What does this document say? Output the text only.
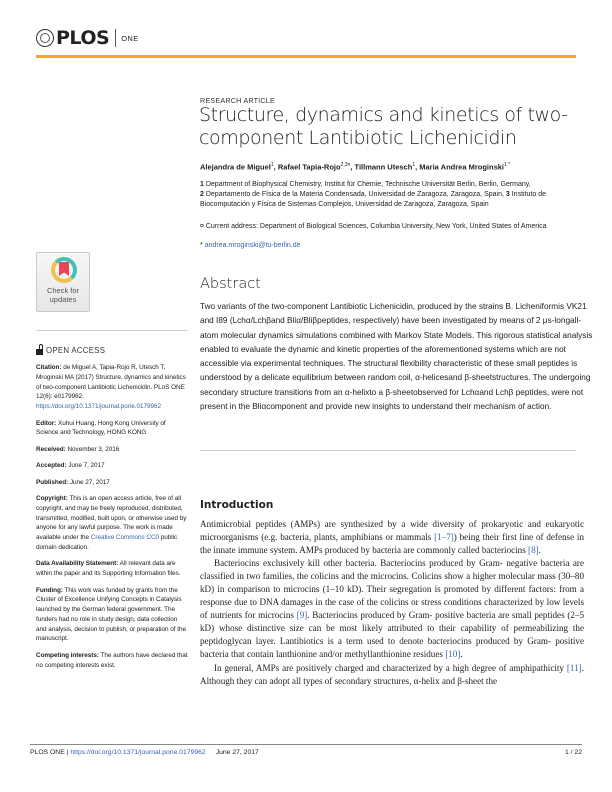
PLOS ONE
RESEARCH ARTICLE
Structure, dynamics and kinetics of two-component Lantibiotic Lichenicidin
Alejandra de Miguel$^1$, Rafael Tapia-Rojo$^{2,3¤}$, Tillmann Utesch$^1$, Maria Andrea Mroginski$^{1 *}$
1 Department of Biophysical Chemistry, Institut für Chemie, Technische Universität Berlin, Berlin, Germany,
2 Departamento de Física de la Materia Condensada, Universidad de Zaragoza, Zaragoza, Spain, 3 Instituto de Biocomputación y Física de Sistemas Complejos, Universidad de Zaragoza, Zaragoza, Spain
¤ Current address: Department of Biological Sciences, Columbia University, New York, United States of America
* andrea.mroginski@tu-berlin.de
Abstract
Two variants of the two-component Lantibiotic Lichenicidin, produced by the strains B. Licheniformis VK21 and I89 (Lchα/Lchβand Bliα/Bliβpeptides, respectively) have been investigated by means of 2 μs-longall-atom molecular dynamics simulations combined with Markov State Models. This rigorous statistical analysis enabled to evaluate the dynamic and kinetic properties of the aforementioned systems which are not accessible via experimental techniques. The structural flexibility characteristic of these small peptides is understood by a delicate equilibrium between random coil, α-helicesand β-sheetstructures. The undergoing secondary structure transitions from an α-helixto a β-sheetobserved for Lchαand Lchβ peptides, were not present in the Bliαcomponent and provide new insights to understand their mechanism of action.
Introduction

Antimicrobial peptides (AMPs) are synthesized by a wide diversity of prokaryotic and eukaryotic microorganisms (e.g. bacteria, plants, amphibians or mammals [1–7]) being their first line of defense in the innate immune system. AMPs produced by bacteria are commonly called bacteriocins [8].

Bacteriocins exclusively kill other bacteria. Bacteriocins produced by Gram- negative bacteria are classified in two families, the colicins and the microcins. Colicins show a higher molecular mass (30–80 kD) in comparison to microcins (1–10 kD). Their segregation is promoted by different factors: from a response due to DNA damages in the case of the colicins or stress conditions characterized by low levels of nutrients for microcins [9]. Bacteriocins produced by Gram- positive bacteria are small peptides (2–5 kD) whose distinctive size can be most likely attributed to their capability of permeabilizing the peptidoglycan layer. Lantibiotics is a term used to denote bacteriocins produced by Gram- positive bacteria that contain lanthionine and/or methyllanthionine residues [10].

In general, AMPs are positively charged and characterized by a high degree of amphipathicity [11]. Although they can adopt all types of secondary structures, α-helix and β-sheet the

Check for
updates
OPEN ACCESS

Citation: de Miguel A, Tapia-Rojo R, Utesch T, Mroginski MA (2017) Structure, dynamics and kinetics of two-component Lantibiotic Lichenicidin. PLoS ONE 12(6): e0179962. https://doi.org/10.1371/journal.pone.0179962

Editor: Xuhui Huang, Hong Kong University of Science and Technology, HONG KONG

Received: November 3, 2016

Accepted: June 7, 2017

Published: June 27, 2017

Copyright: This is an open access article, free of all copyright, and may be freely reproduced, distributed, transmitted, modified, built upon, or otherwise used by anyone for any lawful purpose. The work is made available under the Creative Commons CC0 public domain dedication.

Data Availability Statement: All relevant data are within the paper and its Supporting Information files.

Funding: This work was funded by grants from the Cluster of Excellence Unifying Concepts in Catalysis launched by the German federal government. The funders had no role in study design, data collection and analysis, decision to publish, or preparation of the manuscript.

Competing interests: The authors have declared that no competing interests exist.

PLOS ONE | https://doi.org/10.1371/journal.pone.0179962 June 27, 2017	1 / 22
